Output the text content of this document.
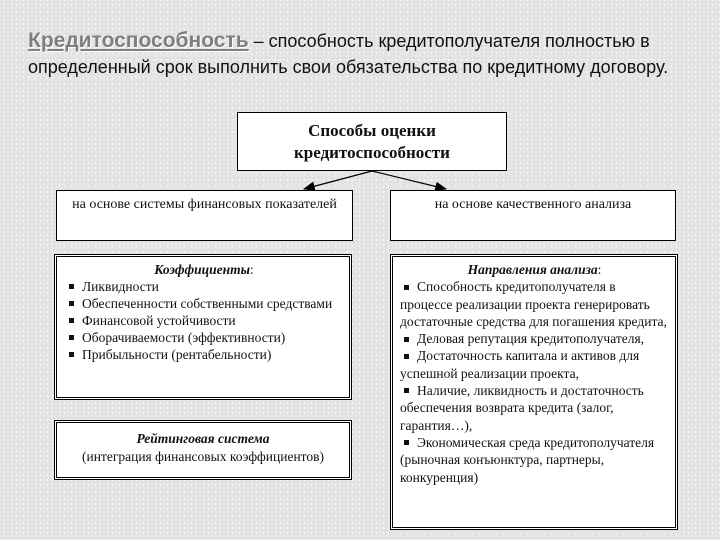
Кредитоспособность – способность кредитополучателя полностью в определенный срок выполнить свои обязательства по кредитному договору.
Способы оценки
кредитоспособности
на основе системы финансовых показателей	на основе качественного анализа
Коэффициенты:
Ликвидности
Обеспеченности собственными средствами
Финансовой устойчивости
Оборачиваемости (эффективности)
Прибыльности (рентабельности)
Рейтинговая система
(интеграция финансовых коэффициентов)
Направления анализа:
Способность кредитополучателя в процессе реализации проекта генерировать достаточные средства для погашения кредита,
Деловая репутация кредитополучателя,
Достаточность капитала и активов для успешной реализации проекта,
Наличие, ликвидность и достаточность обеспечения возврата кредита (залог, гарантия…),
Экономическая среда кредитополучателя (рыночная конъюнктура, партнеры, конкуренция)
